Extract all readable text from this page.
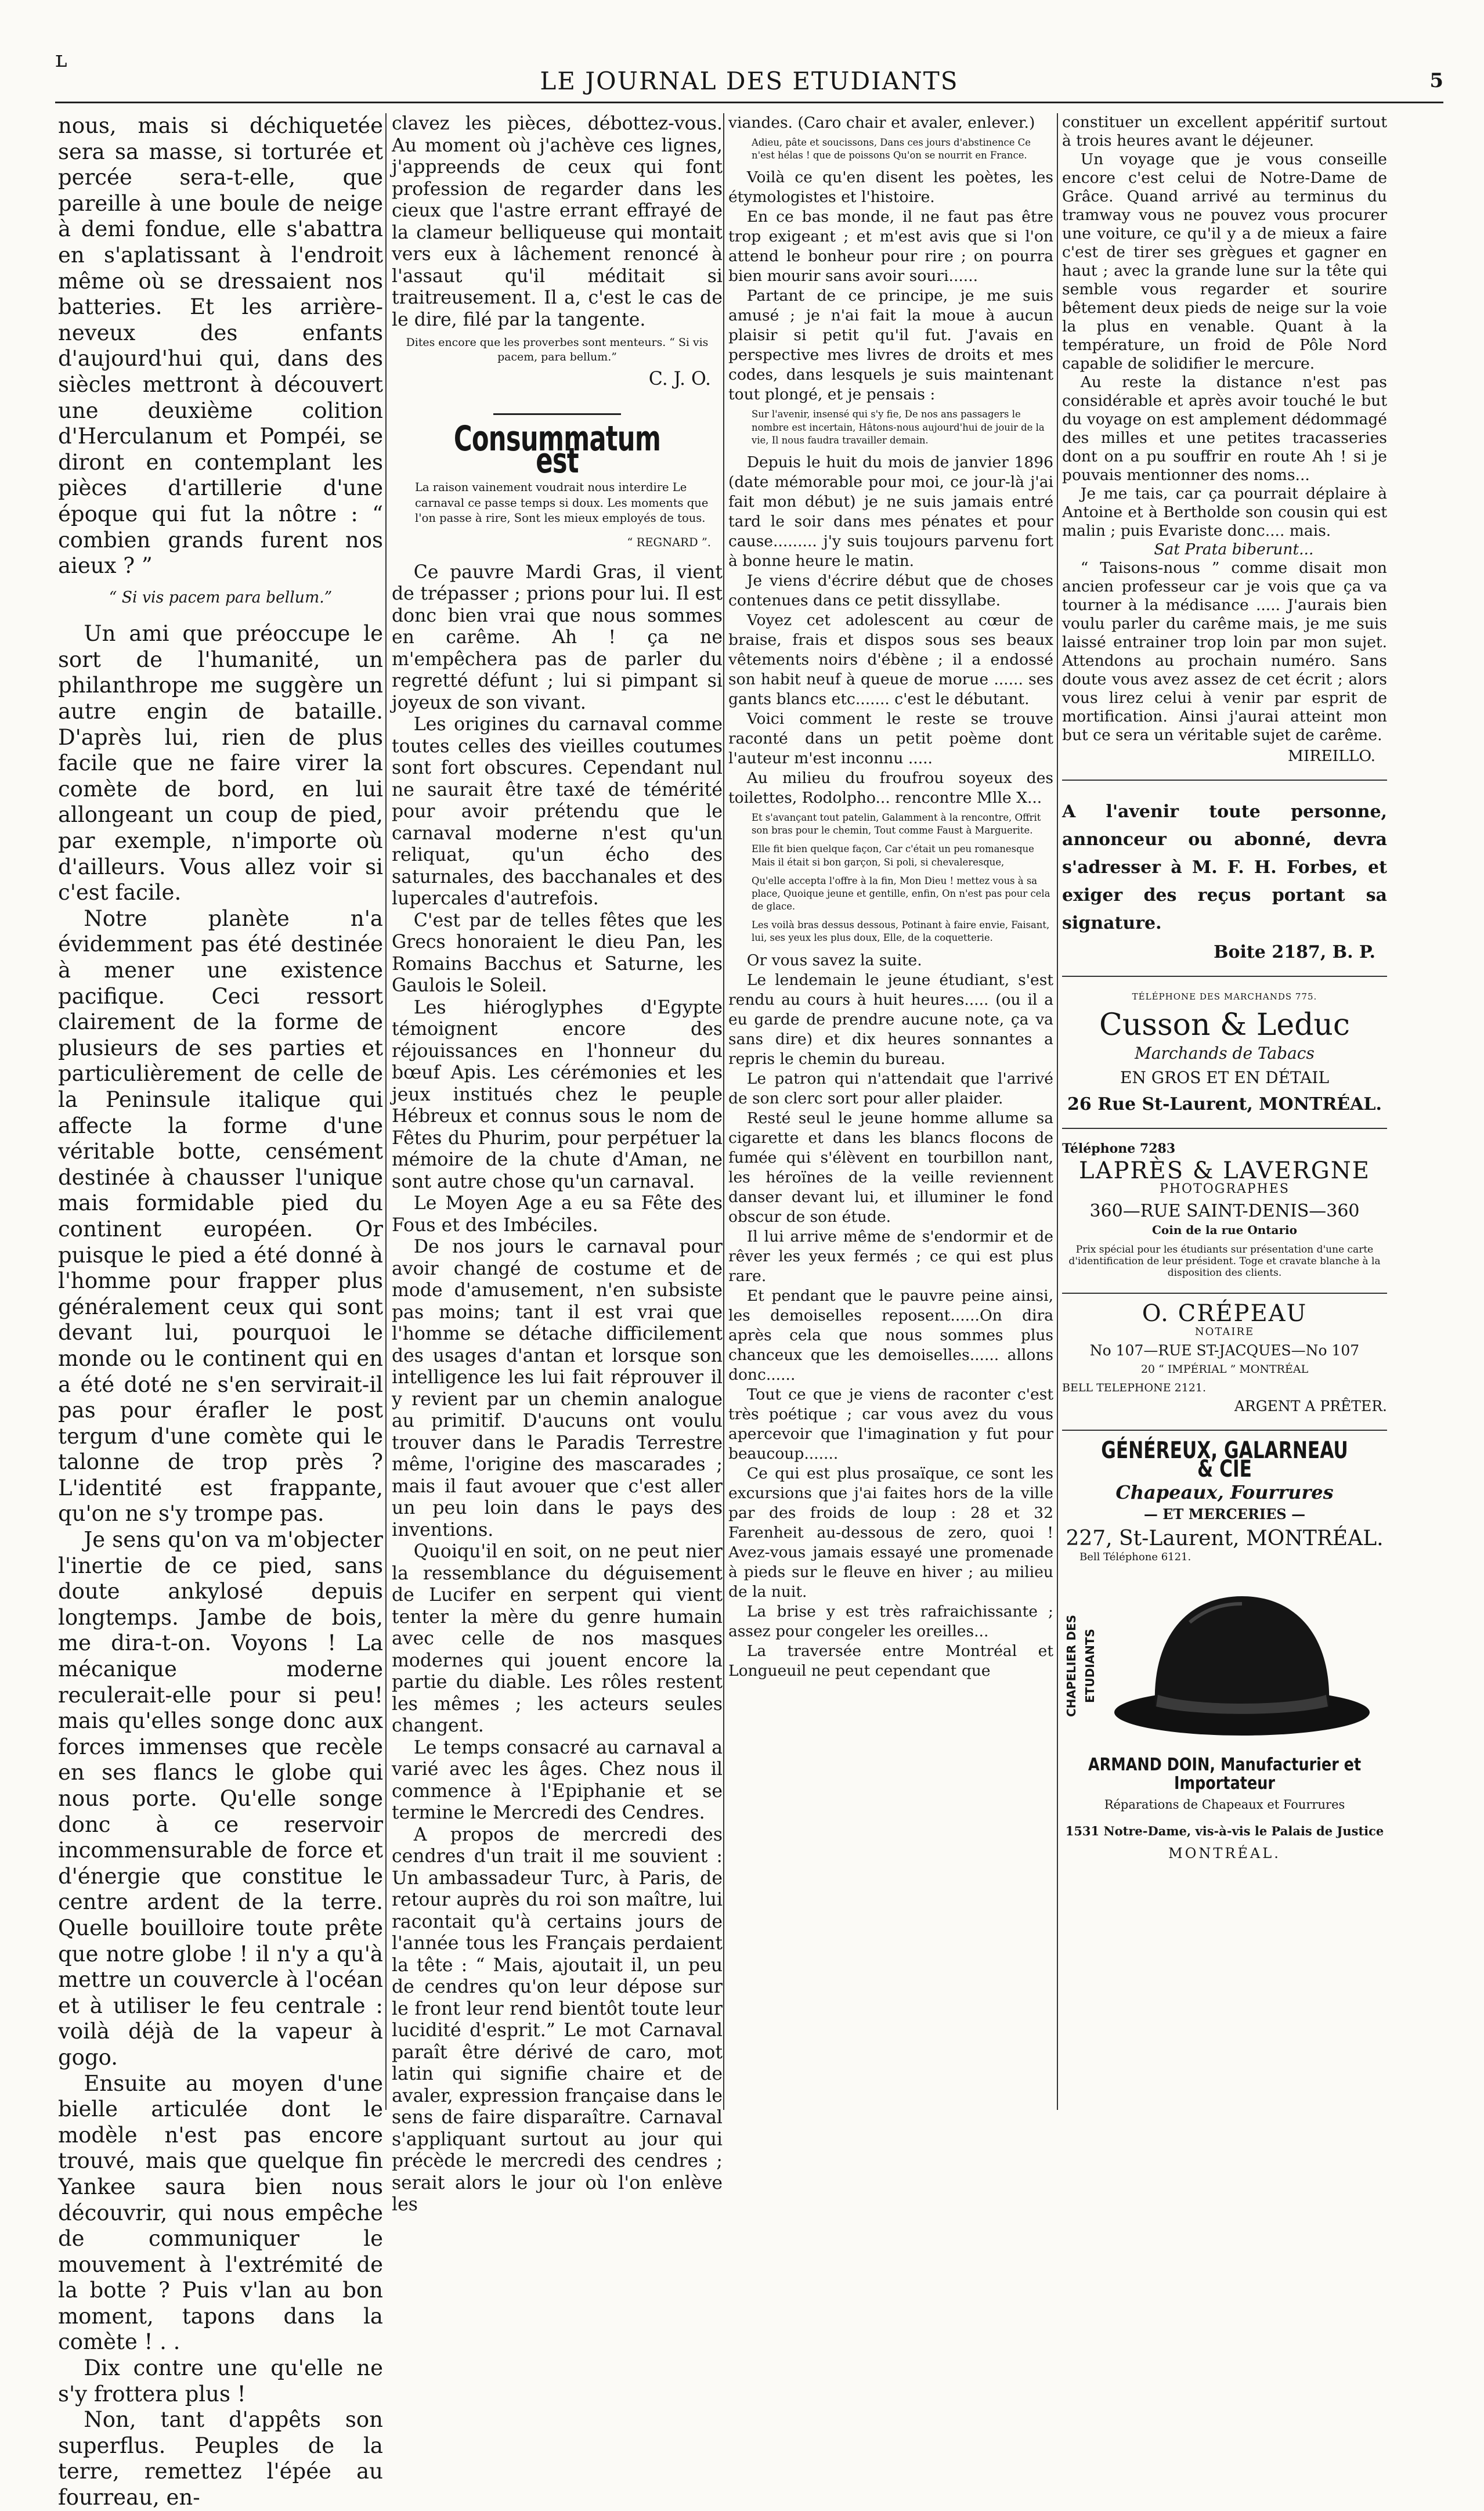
ʟ
LE JOURNAL DES ETUDIANTS	5

nous, mais si déchiquetée sera sa masse, si torturée et percée sera-t-elle, que pareille à une boule de neige à demi fondue, elle s'abattra en s'aplatissant à l'endroit même où se dressaient nos batteries. Et les arrière-neveux des enfants d'aujourd'hui qui, dans des siècles mettront à découvert une deuxième colition d'Herculanum et Pompéi, se diront en contemplant les pièces d'artillerie d'une époque qui fut la nôtre : “ combien grands furent nos aieux ? ”

“ Si vis pacem para bellum.”

Un ami que préoccupe le sort de l'humanité, un philanthrope me suggère un autre engin de bataille. D'après lui, rien de plus facile que ne faire virer la comète de bord, en lui allongeant un coup de pied, par exemple, n'importe où d'ailleurs. Vous allez voir si c'est facile.

Notre planète n'a évidemment pas été destinée à mener une existence pacifique. Ceci ressort clairement de la forme de plusieurs de ses parties et particulièrement de celle de la Peninsule italique qui affecte la forme d'une véritable botte, censément destinée à chausser l'unique mais formidable pied du continent européen. Or puisque le pied a été donné à l'homme pour frapper plus généralement ceux qui sont devant lui, pourquoi le monde ou le continent qui en a été doté ne s'en servirait-il pas pour érafler le post tergum d'une comète qui le talonne de trop près ? L'identité est frappante, qu'on ne s'y trompe pas.

Je sens qu'on va m'objecter l'inertie de ce pied, sans doute ankylosé depuis longtemps. Jambe de bois, me dira-t-on. Voyons ! La mécanique moderne reculerait-elle pour si peu! mais qu'elles songe donc aux forces immenses que recèle en ses flancs le globe qui nous porte. Qu'elle songe donc à ce reservoir incommensurable de force et d'énergie que constitue le centre ardent de la terre. Quelle bouilloire toute prête que notre globe ! il n'y a qu'à mettre un couvercle à l'océan et à utiliser le feu centrale : voilà déjà de la vapeur à gogo.

Ensuite au moyen d'une bielle articulée dont le modèle n'est pas encore trouvé, mais que quelque fin Yankee saura bien nous découvrir, qui nous empêche de communiquer le mouvement à l'extrémité de la botte ? Puis v'lan au bon moment, tapons dans la comète ! . .

Dix contre une qu'elle ne s'y frottera plus !

Non, tant d'appêts son superflus. Peuples de la terre, remettez l'épée au fourreau, en-

clavez les pièces, débottez-vous. Au moment où j'achève ces lignes, j'appreends de ceux qui font profession de regarder dans les cieux que l'astre errant effrayé de la clameur belliqueuse qui montait vers eux à lâchement renoncé à l'assaut qu'il méditait si traitreusement. Il a, c'est le cas de le dire, filé par la tangente.

Dites encore que les proverbes sont menteurs. “ Si vis pacem, para bellum.”
C. J. O.
Consummatum est
La raison vainement voudrait nous interdire Le carnaval ce passe temps si doux. Les moments que l'on passe à rire, Sont les mieux employés de tous.
“ REGNARD ”.

Ce pauvre Mardi Gras, il vient de trépasser ; prions pour lui. Il est donc bien vrai que nous sommes en carême. Ah ! ça ne m'empêchera pas de parler du regretté défunt ; lui si pimpant si joyeux de son vivant.

Les origines du carnaval comme toutes celles des vieilles coutumes sont fort obscures. Cependant nul ne saurait être taxé de témérité pour avoir prétendu que le carnaval moderne n'est qu'un reliquat, qu'un écho des saturnales, des bacchanales et des lupercales d'autrefois.

C'est par de telles fêtes que les Grecs honoraient le dieu Pan, les Romains Bacchus et Saturne, les Gaulois le Soleil.

Les hiéroglyphes d'Egypte témoignent encore des réjouissances en l'honneur du bœuf Apis. Les cérémonies et les jeux institués chez le peuple Hébreux et connus sous le nom de Fêtes du Phurim, pour perpétuer la mémoire de la chute d'Aman, ne sont autre chose qu'un carnaval.

Le Moyen Age a eu sa Fête des Fous et des Imbéciles.

De nos jours le carnaval pour avoir changé de costume et de mode d'amusement, n'en subsiste pas moins; tant il est vrai que l'homme se détache difficilement des usages d'antan et lorsque son intelligence les lui fait réprouver il y revient par un chemin analogue au primitif. D'aucuns ont voulu trouver dans le Paradis Terrestre même, l'origine des mascarades ; mais il faut avouer que c'est aller un peu loin dans le pays des inventions.

Quoiqu'il en soit, on ne peut nier la ressemblance du déguisement de Lucifer en serpent qui vient tenter la mère du genre humain avec celle de nos masques modernes qui jouent encore la partie du diable. Les rôles restent les mêmes ; les acteurs seules changent.

Le temps consacré au carnaval a varié avec les âges. Chez nous il commence à l'Epiphanie et se termine le Mercredi des Cendres.

A propos de mercredi des cendres d'un trait il me souvient : Un ambassadeur Turc, à Paris, de retour auprès du roi son maître, lui racontait qu'à certains jours de l'année tous les Français perdaient la tête : “ Mais, ajoutait il, un peu de cendres qu'on leur dépose sur le front leur rend bientôt toute leur lucidité d'esprit.” Le mot Carnaval paraît être dérivé de caro, mot latin qui signifie chaire et de avaler, expression française dans le sens de faire disparaître. Carnaval s'appliquant surtout au jour qui précède le mercredi des cendres ; serait alors le jour où l'on enlève les

viandes. (Caro chair et avaler, enlever.)

Adieu, pâte et soucissons, Dans ces jours d'abstinence Ce n'est hélas ! que de poissons Qu'on se nourrit en France.

Voilà ce qu'en disent les poètes, les étymologistes et l'histoire.

En ce bas monde, il ne faut pas être trop exigeant ; et m'est avis que si l'on attend le bonheur pour rire ; on pourra bien mourir sans avoir souri......

Partant de ce principe, je me suis amusé ; je n'ai fait la moue à aucun plaisir si petit qu'il fut. J'avais en perspective mes livres de droits et mes codes, dans lesquels je suis maintenant tout plongé, et je pensais :

Sur l'avenir, insensé qui s'y fie, De nos ans passagers le nombre est incertain, Hâtons-nous aujourd'hui de jouir de la vie, Il nous faudra travailler demain.

Depuis le huit du mois de janvier 1896 (date mémorable pour moi, ce jour-là j'ai fait mon début) je ne suis jamais entré tard le soir dans mes pénates et pour cause......... j'y suis toujours parvenu fort à bonne heure le matin.

Je viens d'écrire début que de choses contenues dans ce petit dissyllabe.

Voyez cet adolescent au cœur de braise, frais et dispos sous ses beaux vêtements noirs d'ébène ; il a endossé son habit neuf à queue de morue ...... ses gants blancs etc....... c'est le débutant.

Voici comment le reste se trouve raconté dans un petit poème dont l'auteur m'est inconnu .....

Au milieu du froufrou soyeux des toilettes, Rodolpho... rencontre Mlle X...

Et s'avançant tout patelin, Galamment à la rencontre, Offrit son bras pour le chemin, Tout comme Faust à Marguerite.
Elle fit bien quelque façon, Car c'était un peu romanesque Mais il était si bon garçon, Si poli, si chevaleresque,
Qu'elle accepta l'offre à la fin, Mon Dieu ! mettez vous à sa place, Quoique jeune et gentille, enfin, On n'est pas pour cela de glace.
Les voilà bras dessus dessous, Potinant à faire envie, Faisant, lui, ses yeux les plus doux, Elle, de la coquetterie.

Or vous savez la suite.

Le lendemain le jeune étudiant, s'est rendu au cours à huit heures..... (ou il a eu garde de prendre aucune note, ça va sans dire) et dix heures sonnantes a repris le chemin du bureau.

Le patron qui n'attendait que l'arrivé de son clerc sort pour aller plaider.

Resté seul le jeune homme allume sa cigarette et dans les blancs flocons de fumée qui s'élèvent en tourbillon nant, les héroïnes de la veille reviennent danser devant lui, et illuminer le fond obscur de son étude.

Il lui arrive même de s'endormir et de rêver les yeux fermés ; ce qui est plus rare.

Et pendant que le pauvre peine ainsi, les demoiselles reposent......On dira après cela que nous sommes plus chanceux que les demoiselles...... allons donc......

Tout ce que je viens de raconter c'est très poétique ; car vous avez du vous apercevoir que l'imagination y fut pour beaucoup.......

Ce qui est plus prosaïque, ce sont les excursions que j'ai faites hors de la ville par des froids de loup : 28 et 32 Farenheit au-dessous de zero, quoi ! Avez-vous jamais essayé une promenade à pieds sur le fleuve en hiver ; au milieu de la nuit.

La brise y est très rafraichissante ; assez pour congeler les oreilles...

La traversée entre Montréal et Longueuil ne peut cependant que

constituer un excellent appéritif surtout à trois heures avant le déjeuner.

Un voyage que je vous conseille encore c'est celui de Notre-Dame de Grâce. Quand arrivé au terminus du tramway vous ne pouvez vous procurer une voiture, ce qu'il y a de mieux a faire c'est de tirer ses grègues et gagner en haut ; avec la grande lune sur la tête qui semble vous regarder et sourire bêtement deux pieds de neige sur la voie la plus en venable. Quant à la température, un froid de Pôle Nord capable de solidifier le mercure.

Au reste la distance n'est pas considérable et après avoir touché le but du voyage on est amplement dédommagé des milles et une petites tracasseries dont on a pu souffrir en route Ah ! si je pouvais mentionner des noms...

Je me tais, car ça pourrait déplaire à Antoine et à Bertholde son cousin qui est malin ; puis Evariste donc.... mais.

Sat Prata biberunt...

“ Taisons-nous ” comme disait mon ancien professeur car je vois que ça va tourner à la médisance ..... J'aurais bien voulu parler du carême mais, je me suis laissé entrainer trop loin par mon sujet. Attendons au prochain numéro. Sans doute vous avez assez de cet écrit ; alors vous lirez celui à venir par esprit de mortification. Ainsi j'aurai atteint mon but ce sera un véritable sujet de carême.

MIREILLO.
A l'avenir toute personne, annonceur ou abonné, devra s'adresser à M. F. H. Forbes, et exiger des reçus portant sa signature.
Boite 2187, B. P.
TÉLÉPHONE DES MARCHANDS 775.
Cusson & Leduc
Marchands de Tabacs
EN GROS ET EN DÉTAIL
26 Rue St-Laurent, MONTRÉAL.
Téléphone 7283
LAPRÈS & LAVERGNE
PHOTOGRAPHES
360—RUE SAINT-DENIS—360
Coin de la rue Ontario
Prix spécial pour les étudiants sur présentation d'une carte d'identification de leur président. Toge et cravate blanche à la disposition des clients.
O. CRÉPEAU
NOTAIRE
No 107—RUE ST-JACQUES—No 107
20 “ IMPÉRIAL ” MONTRÉAL
BELL TELEPHONE 2121.
ARGENT A PRÊTER.
GÉNÉREUX, GALARNEAU & CIE
Chapeaux, Fourrures
— ET MERCERIES —
227, St-Laurent, MONTRÉAL.
Bell Téléphone 6121.
CHAPELIER DES ETUDIANTS
ARMAND DOIN, Manufacturier et Importateur
Réparations de Chapeaux et Fourrures
1531 Notre-Dame, vis-à-vis le Palais de Justice
MONTRÉAL.
